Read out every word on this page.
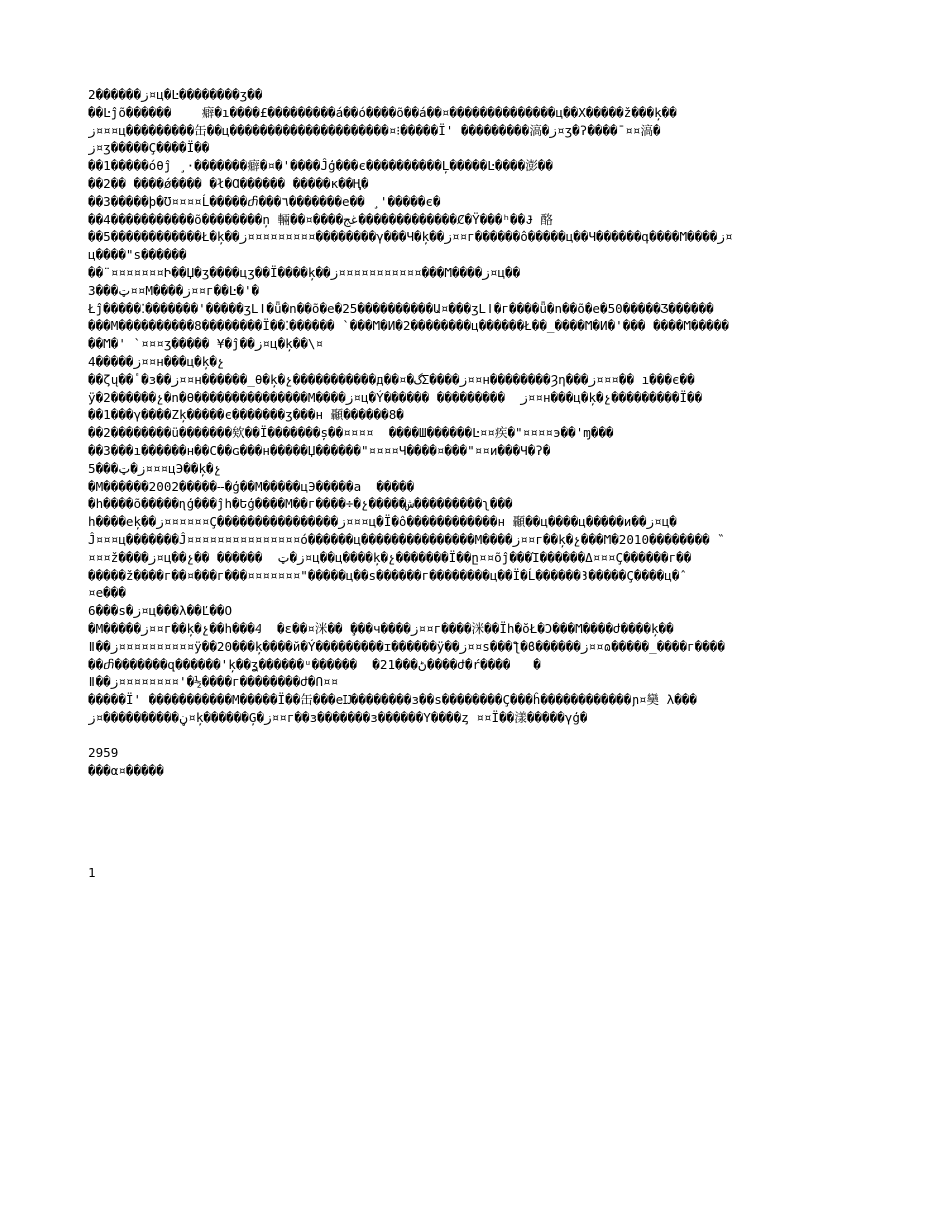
2������ز¤ц�Ŀ��������ʒ��
��Ŀĵõ������    癖�ı����£���������á��ó����õ��á��¤��������������ц��Χ�����ž���ķ��
ز¤¤¤ц���������缶��ц���������������������¤⁝�����Ϊ' ���������滈�ز¤ʒ�ʔ����¯¤¤滈�
ز¤ʒ�����Ç����Ï��
��1�����óθĵ ̧ ·�������癖�¤�'����Ĵģ���є����������Ļ�����Ŀ����澎��
��2�� ����ǿ���� �ł�Ɑ������ �����ĸ��Ң�
��3�����þ�Ʊ¤¤¤¤Ĺ�����ⴥ���٦�������е�� ̧ '�����є�
��4�����������õ��������ņ 輛��¤����غج�������������Ȼ�Ϋ���ʰ��Ɉ 酪
��5������������Ł�ķ��ز¤¤¤¤¤¤¤¤¤��������γ���Ч�ķ��ز¤¤г������ô�����ц��Ч������գ����Ϻ����ز¤
ц����"ѕ������
��¨¤¤¤¤¤¤¤Ի��Џ�ʒ����цʒ��Ï����ķ��ز¤¤¤¤¤¤¤¤¤¤¤���Ϻ����ز¤ц��
3���ټ¤¤М����ز¤¤г��Ŀ�'�
Łĵ�����⁚�������'�����ʒԼǀ�ǖ�ո��õ�е�25����������Ա¤���ʒԼǀ�г����ǖ�ո��õ�е�50�����Ӡ������
���М����������8��������Ï��⁚������ ̀ ���Ϻ�Ͷ�2��������ц������Ł��_����Ϻ�Ͷ�'��� ����Ϻ�����
��Ϻ�' ̀ ¤¤¤ʒ����� ¥�ĵ��ز¤ц�ķ��\¤
4�����ز¤¤н���ц�ķ�չ
��ζų��ٴ�ɜ��ز¤¤н������_θ�ķ�չ�����������д��¤�گΣ����ز¤¤н��������Ȝη���ز¤¤¤�� ı���є��
ÿ�2������չ�ո�θ���������������М����ز¤ц�Ý������ ���������  ز¤¤н���ц�ķ�չ���������Ï��
��1���γ����Ζķ�����є�������ʒ���н 顳������8�
��2��������ü�������欸��Ï�������ș��¤¤¤¤  ����Ш������Ŀ¤¤疾�"¤¤¤¤э��'ɱ���
��3���ı������н��С��ɢ���н�����Џ������"¤¤¤¤Ч����¤���"¤¤и���Ч�ʔ�
5���ز�ټ¤¤¤цЭ��ķ�չ
�М������2002�����ⵧ�ģ��М�����цЭ�����а  �����
�һ����õ�����ɳģ���ĵһ�Եģ����М��г����÷�չ�����ش���������ʅ���
һ����еķ��ز¤¤¤¤¤¤Ç����������������ز¤¤¤ц�Ϊ�ô������������н 顳��ц����ц�����и��ز¤ц�
Ĵ¤¤¤ц�������Ĵ¤¤¤¤¤¤¤¤¤¤¤¤¤¤¤ó������ц���������������М����ز¤¤г��ķ�չ���Ϻ�2010�������� ̏
¤¤¤ž����ز¤ц��չ�� ������  ز�ټ¤ц��ц����ķ�չ�������Ï��ը¤¤õĵ���Ί������Δ¤¤¤Ç������г��
�����ž����г��¤���г���¤¤¤¤¤¤¤"�����ц��ѕ������г��������ц��Ï�Ĺ������Ꜣ�����Ç����ц�ˆ
¤е���
6���ѕ�ز¤ц���λ��Ľ��Ο
�М�����ز¤¤г��ķ�չ��һ���Ꜭ  �ε��¤洣�� ̧���ч����ز¤¤г����洣��Ïh�ŏŁ�Ͻ���Ϻ����ժ����ķ��
ǁ��ز¤¤¤¤¤¤¤¤¤¤ÿ��20���ķ����й�Ý���������ɪ������ÿ��ز¤¤ѕ���ƪ�ϐ������ز¤¤ɷ�����_����г����
��ⴥ�������զ������'ķ��ʓ������ᵘ������  �21���ڻ����ժ�ŕ����   �
ǁ��ز¤¤¤¤¤¤¤¤'�½����г��������ժ�Ո¤¤
�����Ϊ' �����������М�����Ï��缶���еĲ��������з��ѕ��������Ç���ĥ������������ɲ¤奱 λ���
ڼ����������¤ز¤ķ������Ģ�ز¤¤г��з�������з������Υ����ᶎ ¤¤Ϊ��漾�����γģ�
2959
���α¤�����
1
